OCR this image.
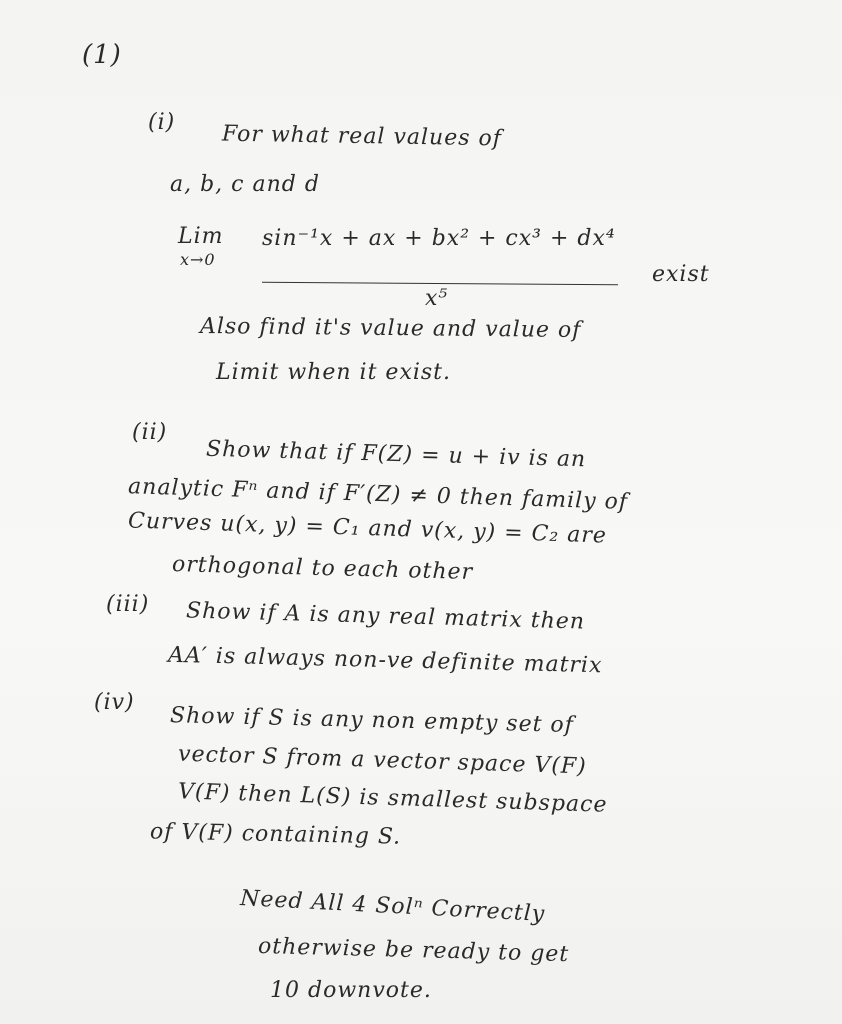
(1)
(i) For what real values of
a, b, c and d
Lim
x→0
sin⁻¹x + ax + bx² + cx³ + dx⁴
x⁵
exist
Also find it's value and value of
Limit when it exist.
(ii)
Show that if F(Z) = u + iv is an
analytic Fⁿ and if F′(Z) ≠ 0 then family of
Curves u(x, y) = C₁ and v(x, y) = C₂ are
orthogonal to each other
(iii) Show if A is any real matrix then
AA′ is always non-ve definite matrix
(iv)
Show if S is any non empty set of
vector S from a vector space V(F)
V(F) then L(S) is smallest subspace
of V(F) containing S.
Need All 4 Solⁿ Correctly
otherwise be ready to get
10 downvote.
